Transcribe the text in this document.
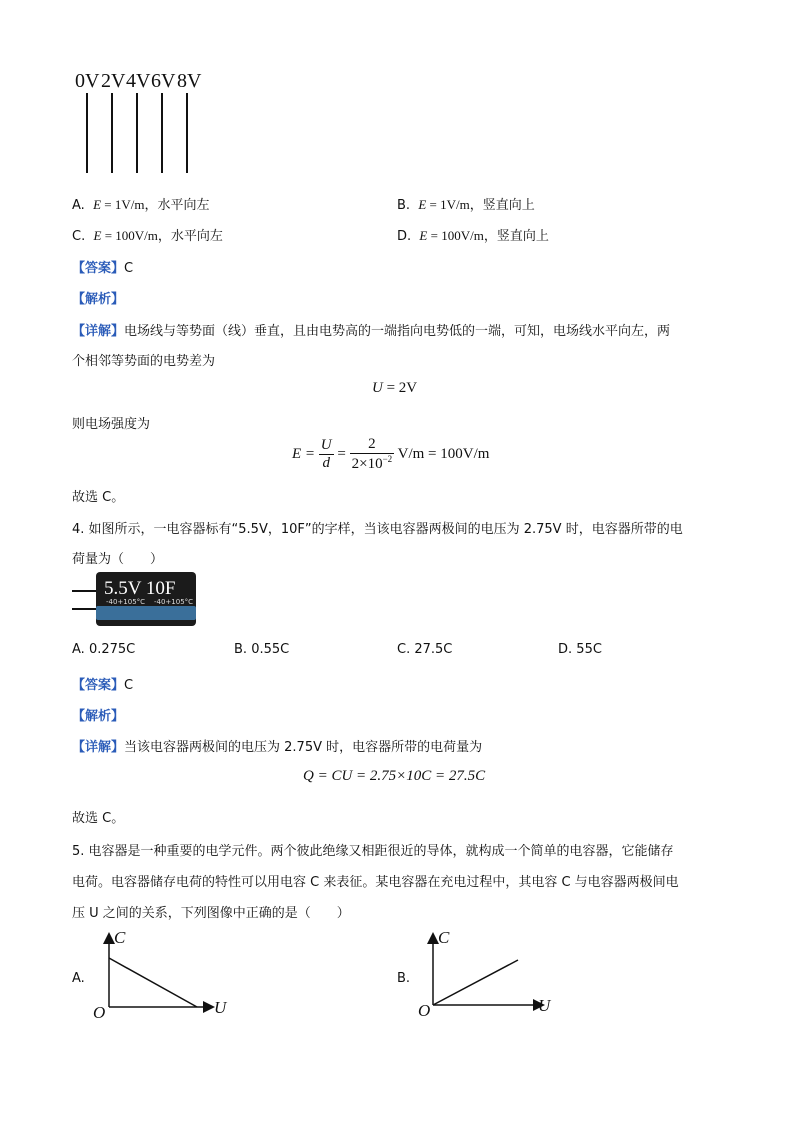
0V 2V 4V 6V 8V
A. E = 1V/m，水平向左	B. E = 1V/m，竖直向上
C. E = 100V/m，水平向左	D. E = 100V/m，竖直向上
【答案】C
【解析】
【详解】电场线与等势面（线）垂直，且由电势高的一端指向电势低的一端，可知，电场线水平向左，两
个相邻等势面的电势差为
U = 2V
则电场强度为
$E = \frac{U}{d} = \frac{2}{2\times 10^{-2}} V/m = 100V/m$
故选 C。
4. 如图所示，一电容器标有“5.5V，10F”的字样，当该电容器两极间的电压为 2.75V 时，电容器所带的电
荷量为（　　）
5.5V 10F
-40+105°C -40+105°C
A. 0.275C	B. 0.55C	C. 27.5C	D. 55C
【答案】C
【解析】
【详解】当该电容器两极间的电压为 2.75V 时，电容器所带的电荷量为
Q = CU = 2.75×10C = 27.5C
故选 C。
5. 电容器是一种重要的电学元件。两个彼此绝缘又相距很近的导体，就构成一个简单的电容器，它能储存
电荷。电容器储存电荷的特性可以用电容 C 来表征。某电容器在充电过程中，其电容 C 与电容器两极间电
压 U 之间的关系，下列图像中正确的是（　　）
A.
C
U
O
B.
C
U
O
